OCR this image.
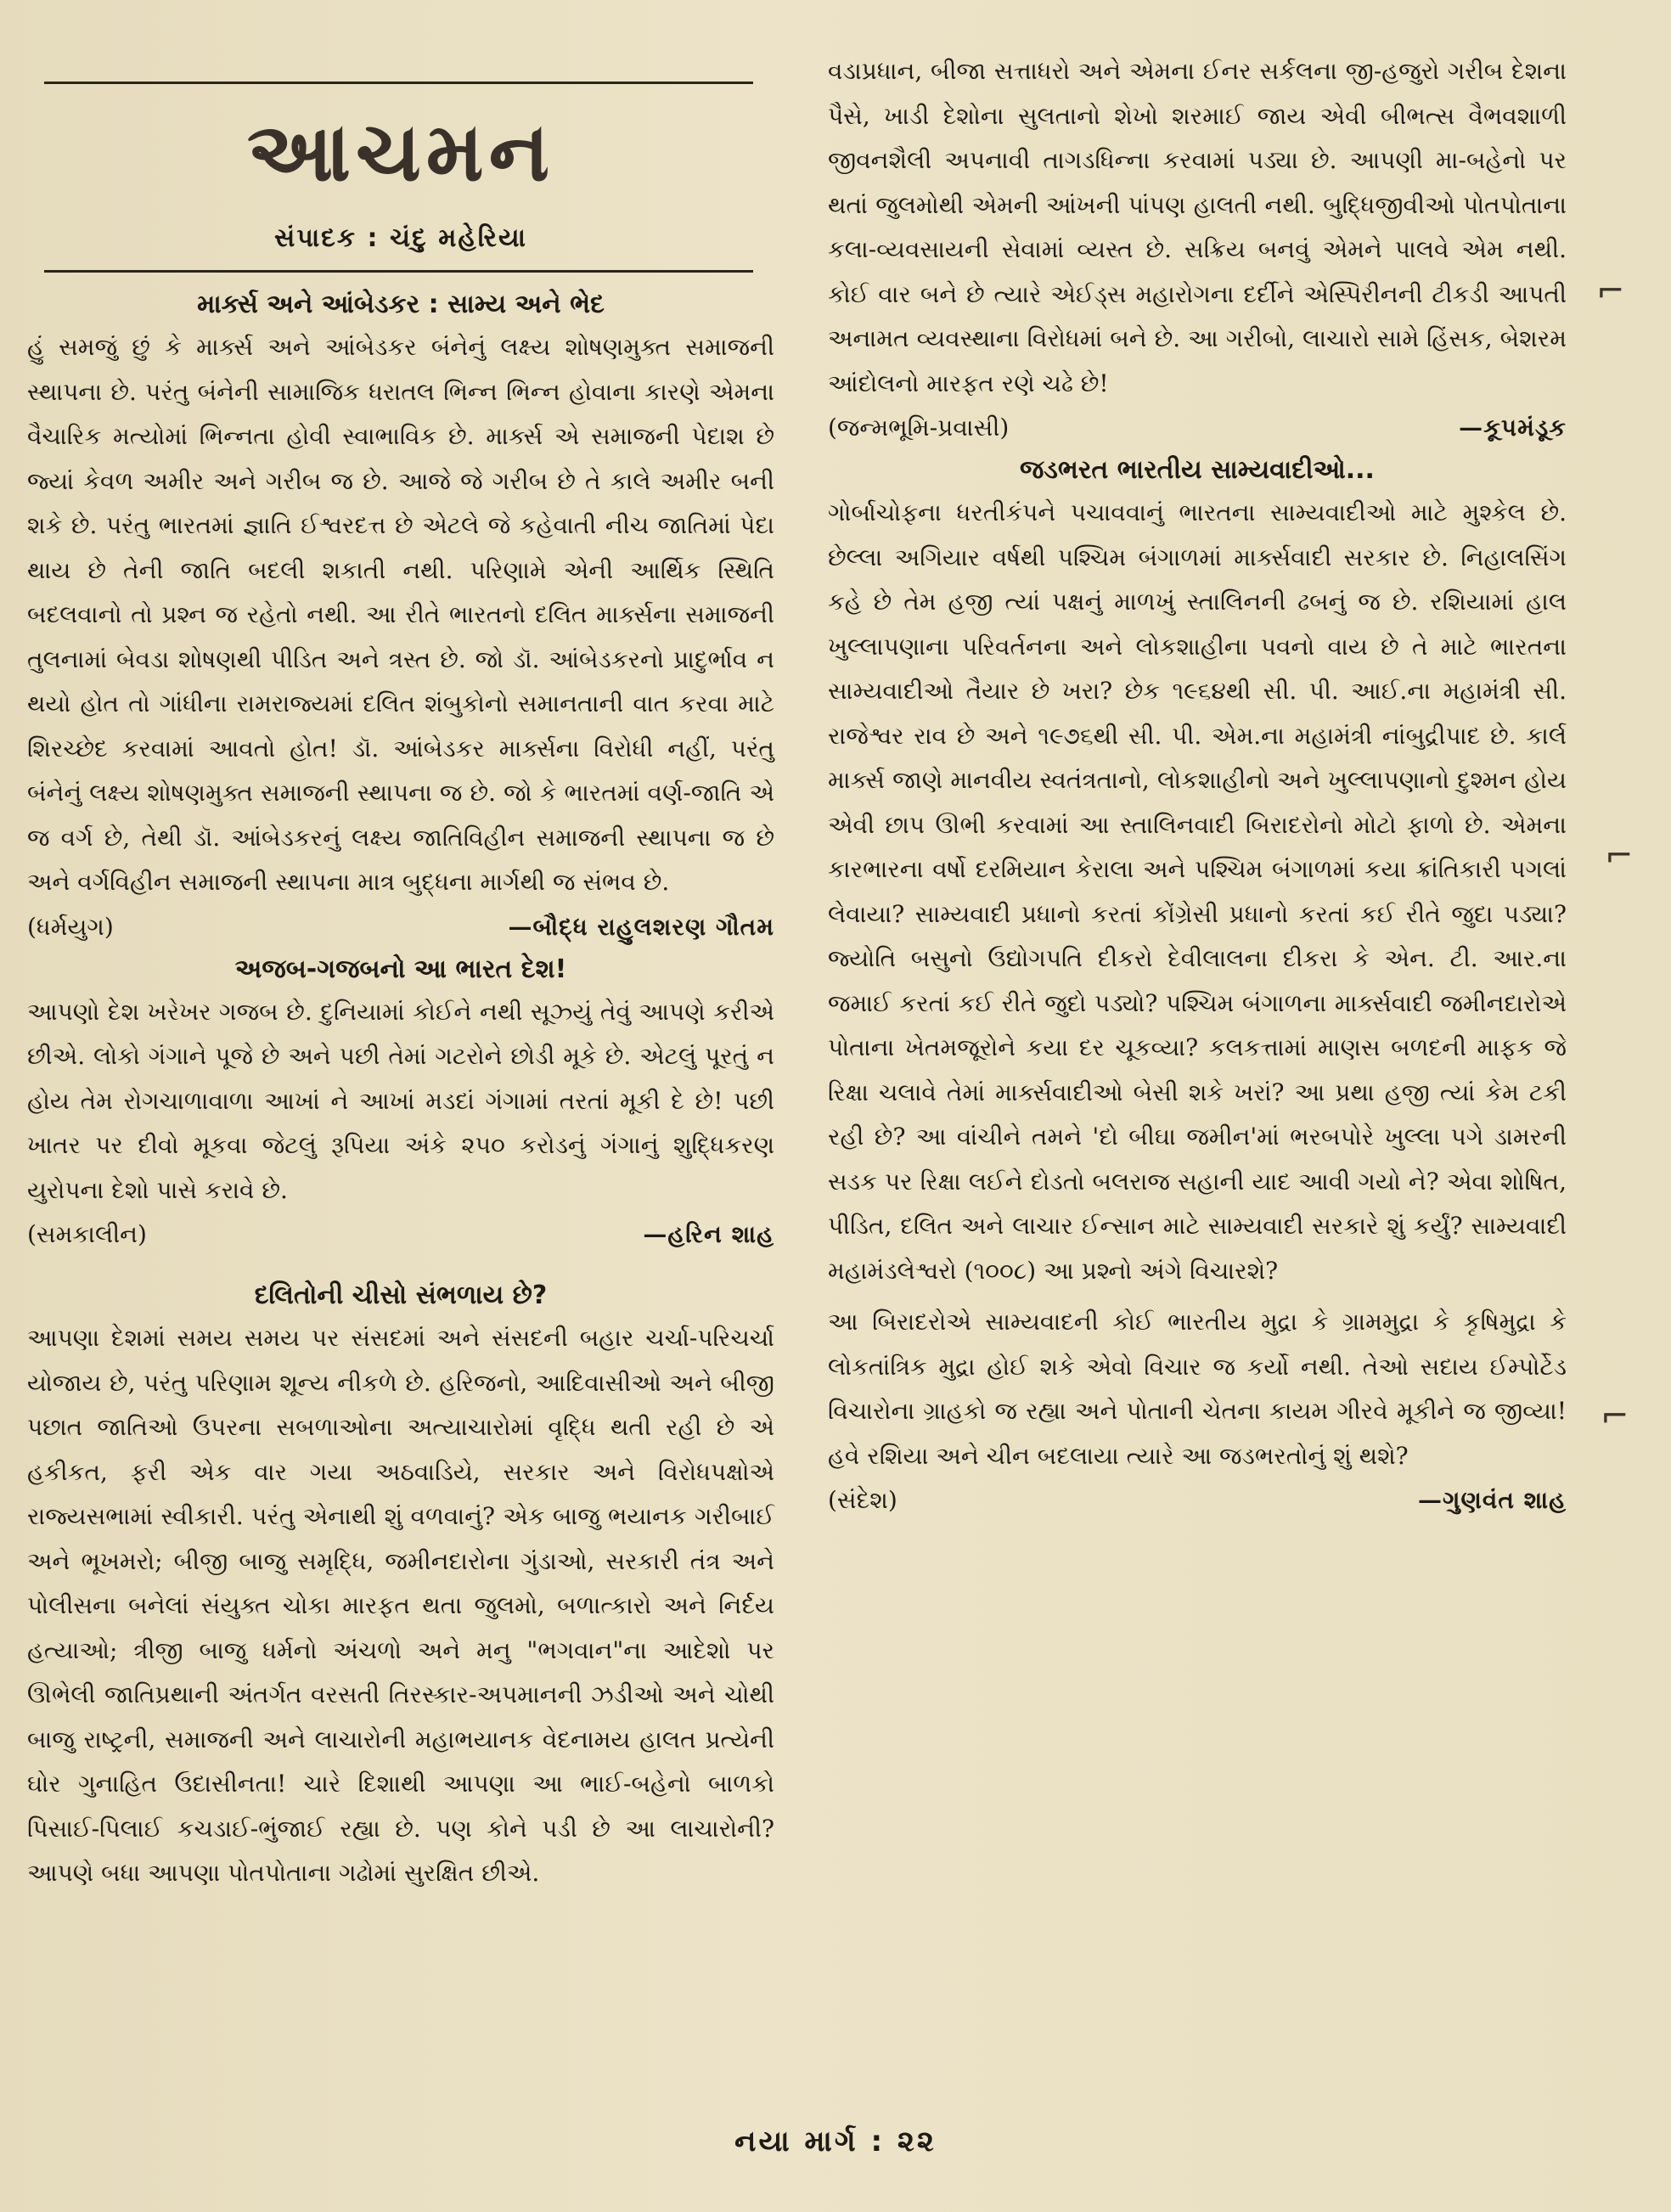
આચમન
સંપાદક : ચંદુ મહેરિયા
માર્ક્સ અને આંબેડકર : સામ્ય અને ભેદ
હું સમજું છું કે માર્ક્સ અને આંબેડકર બંનેનું લક્ષ્ય શોષણમુક્ત સમાજની સ્થાપના છે. પરંતુ બંનેની સામાજિક ધરાતલ ભિન્ન ભિન્ન હોવાના કારણે એમના વૈચારિક મત્યોમાં ભિન્નતા હોવી સ્વાભાવિક છે. માર્ક્સ એ સમાજની પેદાશ છે જ્યાં કેવળ અમીર અને ગરીબ જ છે. આજે જે ગરીબ છે તે કાલે અમીર બની શકે છે. પરંતુ ભારતમાં જ્ઞાતિ ઈશ્વરદત્ત છે એટલે જે કહેવાતી નીચ જાતિમાં પેદા થાય છે તેની જાતિ બદલી શકાતી નથી. પરિણામે એની આર્થિક સ્થિતિ બદલવાનો તો પ્રશ્ન જ રહેતો નથી. આ રીતે ભારતનો દલિત માર્ક્સના સમાજની તુલનામાં બેવડા શોષણથી પીડિત અને ત્રસ્ત છે. જો ડૉ. આંબેડકરનો પ્રાદુર્ભાવ ન થયો હોત તો ગાંધીના રામરાજ્યમાં દલિત શંબુકોનો સમાનતાની વાત કરવા માટે શિરચ્છેદ કરવામાં આવતો હોત! ડૉ. આંબેડકર માર્ક્સના વિરોધી નહીં, પરંતુ બંનેનું લક્ષ્ય શોષણમુક્ત સમાજની સ્થાપના જ છે. જો કે ભારતમાં વર્ણ-જાતિ એ જ વર્ગ છે, તેથી ડૉ. આંબેડકરનું લક્ષ્ય જાતિવિહીન સમાજની સ્થાપના જ છે અને વર્ગવિહીન સમાજની સ્થાપના માત્ર બુદ્ધના માર્ગથી જ સંભવ છે.
(ધર્મયુગ)	—બૌદ્ધ રાહુલશરણ ગૌતમ
અજબ-ગજબનો આ ભારત દેશ!
આપણો દેશ ખરેખર ગજબ છે. દુનિયામાં કોઈને નથી સૂઝ્યું તેવું આપણે કરીએ છીએ. લોકો ગંગાને પૂજે છે અને પછી તેમાં ગટરોને છોડી મૂકે છે. એટલું પૂરતું ન હોય તેમ રોગચાળાવાળા આખાં ને આખાં મડદાં ગંગામાં તરતાં મૂકી દે છે! પછી ખાતર પર દીવો મૂકવા જેટલું રૂપિયા અંકે ૨૫૦ કરોડનું ગંગાનું શુદ્ધિકરણ યુરોપના દેશો પાસે કરાવે છે.
(સમકાલીન)	—હરિન શાહ
દલિતોની ચીસો સંભળાય છે?
આપણા દેશમાં સમય સમય પર સંસદમાં અને સંસદની બહાર ચર્ચા-પરિચર્ચા યોજાય છે, પરંતુ પરિણામ શૂન્ય નીકળે છે. હરિજનો, આદિવાસીઓ અને બીજી પછાત જાતિઓ ઉપરના સબળાઓના અત્યાચારોમાં વૃદ્ધિ થતી રહી છે એ હકીકત, ફરી એક વાર ગયા અઠવાડિયે, સરકાર અને વિરોધપક્ષોએ રાજ્યસભામાં સ્વીકારી. પરંતુ એનાથી શું વળવાનું? એક બાજુ ભયાનક ગરીબાઈ અને ભૂખમરો; બીજી બાજુ સમૃદ્ધિ, જમીનદારોના ગુંડાઓ, સરકારી તંત્ર અને પોલીસના બનેલાં સંયુક્ત ચોકા મારફત થતા જુલમો, બળાત્કારો અને નિર્દય હત્યાઓ; ત્રીજી બાજુ ધર્મનો અંચળો અને મનુ "ભગવાન"ના આદેશો પર ઊભેલી જાતિપ્રથાની અંતર્ગત વરસતી તિરસ્કાર-અપમાનની ઝડીઓ અને ચોથી બાજુ રાષ્ટ્રની, સમાજની અને લાચારોની મહાભયાનક વેદનામય હાલત પ્રત્યેની ઘોર ગુનાહિત ઉદાસીનતા! ચારે દિશાથી આપણા આ ભાઈ-બહેનો બાળકો પિસાઈ-પિલાઈ કચડાઈ-ભુંજાઈ રહ્યા છે. પણ કોને પડી છે આ લાચારોની? આપણે બધા આપણા પોતપોતાના ગઢોમાં સુરક્ષિત છીએ.
વડાપ્રધાન, બીજા સત્તાધરો અને એમના ઈનર સર્કલના જી-હજુરો ગરીબ દેશના પૈસે, ખાડી દેશોના સુલતાનો શેખો શરમાઈ જાય એવી બીભત્સ વૈભવશાળી જીવનશૈલી અપનાવી તાગડધિન્ના કરવામાં પડ્યા છે. આપણી મા-બહેનો પર થતાં જુલમોથી એમની આંખની પાંપણ હાલતી નથી. બુદ્ધિજીવીઓ પોતપોતાના કલા-વ્યવસાયની સેવામાં વ્યસ્ત છે. સક્રિય બનવું એમને પાલવે એમ નથી. કોઈ વાર બને છે ત્યારે એઈડ્સ મહારોગના દર્દીને એસ્પિરીનની ટીકડી આપતી અનામત વ્યવસ્થાના વિરોધમાં બને છે. આ ગરીબો, લાચારો સામે હિંસક, બેશરમ આંદોલનો મારફત રણે ચઢે છે!
(જન્મભૂમિ-પ્રવાસી)	—કૂપમંડૂક
જડભરત ભારતીય સામ્યવાદીઓ...
ગોર્બાચોફના ધરતીકંપને પચાવવાનું ભારતના સામ્યવાદીઓ માટે મુશ્કેલ છે. છેલ્લા અગિયાર વર્ષથી પશ્ચિમ બંગાળમાં માર્ક્સવાદી સરકાર છે. નિહાલસિંગ કહે છે તેમ હજી ત્યાં પક્ષનું માળખું સ્તાલિનની ઢબનું જ છે. રશિયામાં હાલ ખુલ્લાપણાના પરિવર્તનના અને લોકશાહીના પવનો વાય છે તે માટે ભારતના સામ્યવાદીઓ તૈયાર છે ખરા? છેક ૧૯૬૪થી સી. પી. આઈ.ના મહામંત્રી સી. રાજેશ્વર રાવ છે અને ૧૯૭૬થી સી. પી. એમ.ના મહામંત્રી નાંબુદ્રીપાદ છે. કાર્લ માર્ક્સ જાણે માનવીય સ્વતંત્રતાનો, લોકશાહીનો અને ખુલ્લાપણાનો દુશ્મન હોય એવી છાપ ઊભી કરવામાં આ સ્તાલિનવાદી બિરાદરોનો મોટો ફાળો છે. એમના કારભારના વર્ષો દરમિયાન કેરાલા અને પશ્ચિમ બંગાળમાં કયા ક્રાંતિકારી પગલાં લેવાયા? સામ્યવાદી પ્રધાનો કરતાં કોંગ્રેસી પ્રધાનો કરતાં કઈ રીતે જુદા પડ્યા? જ્યોતિ બસુનો ઉદ્યોગપતિ દીકરો દેવીલાલના દીકરા કે એન. ટી. આર.ના જમાઈ કરતાં કઈ રીતે જુદો પડ્યો? પશ્ચિમ બંગાળના માર્ક્સવાદી જમીનદારોએ પોતાના ખેતમજૂરોને કયા દર ચૂકવ્યા? કલકત્તામાં માણસ બળદની માફક જે રિક્ષા ચલાવે તેમાં માર્ક્સવાદીઓ બેસી શકે ખરાં? આ પ્રથા હજી ત્યાં કેમ ટકી રહી છે? આ વાંચીને તમને 'દો બીઘા જમીન'માં ભરબપોરે ખુલ્લા પગે ડામરની સડક પર રિક્ષા લઈને દોડતો બલરાજ સહાની યાદ આવી ગયો ને? એવા શોષિત, પીડિત, દલિત અને લાચાર ઈન્સાન માટે સામ્યવાદી સરકારે શું કર્યું? સામ્યવાદી મહામંડલેશ્વરો (૧૦૦૮) આ પ્રશ્નો અંગે વિચારશે?
આ બિરાદરોએ સામ્યવાદની કોઈ ભારતીય મુદ્રા કે ગ્રામમુદ્રા કે કૃષિમુદ્રા કે લોકતાંત્રિક મુદ્રા હોઈ શકે એવો વિચાર જ કર્યો નથી. તેઓ સદાય ઈમ્પોર્ટેડ વિચારોના ગ્રાહકો જ રહ્યા અને પોતાની ચેતના કાયમ ગીરવે મૂકીને જ જીવ્યા! હવે રશિયા અને ચીન બદલાયા ત્યારે આ જડભરતોનું શું થશે?
(સંદેશ)	—ગુણવંત શાહ
નયા માર્ગ : ૨૨
⌐
⌐
⌐
